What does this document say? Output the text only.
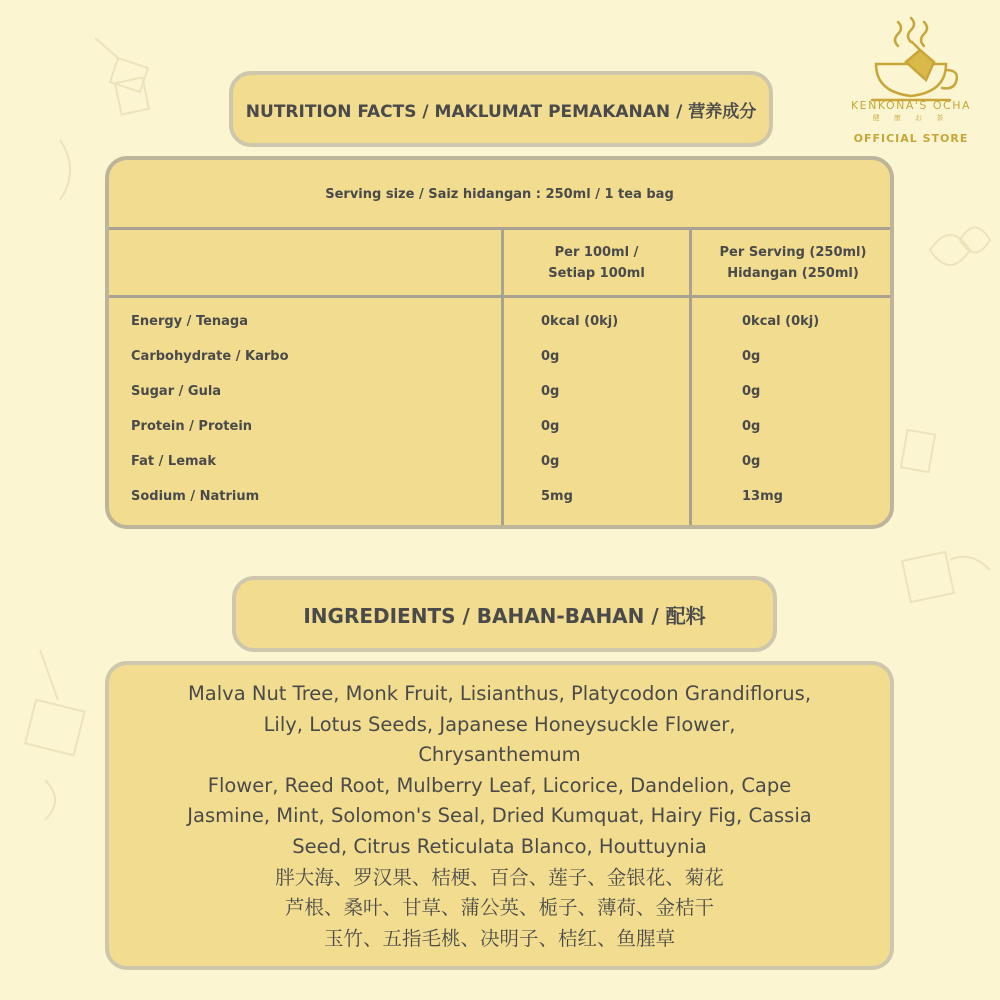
KENKONA'S OCHA
健 康 お 茶
OFFICIAL STORE
NUTRITION FACTS / MAKLUMAT PEMAKANAN / 营养成分
Serving size / Saiz hidangan : 250ml / 1 tea bag
Per 100ml /
Setiap 100ml
Per Serving (250ml)
Hidangan (250ml)
Energy / Tenaga	0kcal (0kj)	0kcal (0kj)
Carbohydrate / Karbo	0g	0g
Sugar / Gula	0g	0g
Protein / Protein	0g	0g
Fat / Lemak	0g	0g
Sodium / Natrium	5mg	13mg
INGREDIENTS / BAHAN-BAHAN / 配料
Malva Nut Tree, Monk Fruit, Lisianthus, Platycodon Grandiflorus,
Lily, Lotus Seeds, Japanese Honeysuckle Flower,
Chrysanthemum
Flower, Reed Root, Mulberry Leaf, Licorice, Dandelion, Cape
Jasmine, Mint, Solomon's Seal, Dried Kumquat, Hairy Fig, Cassia
Seed, Citrus Reticulata Blanco, Houttuynia
胖大海、罗汉果、桔梗、百合、莲子、金银花、菊花
芦根、桑叶、甘草、蒲公英、栀子、薄荷、金桔干
玉竹、五指毛桃、决明子、桔红、鱼腥草
